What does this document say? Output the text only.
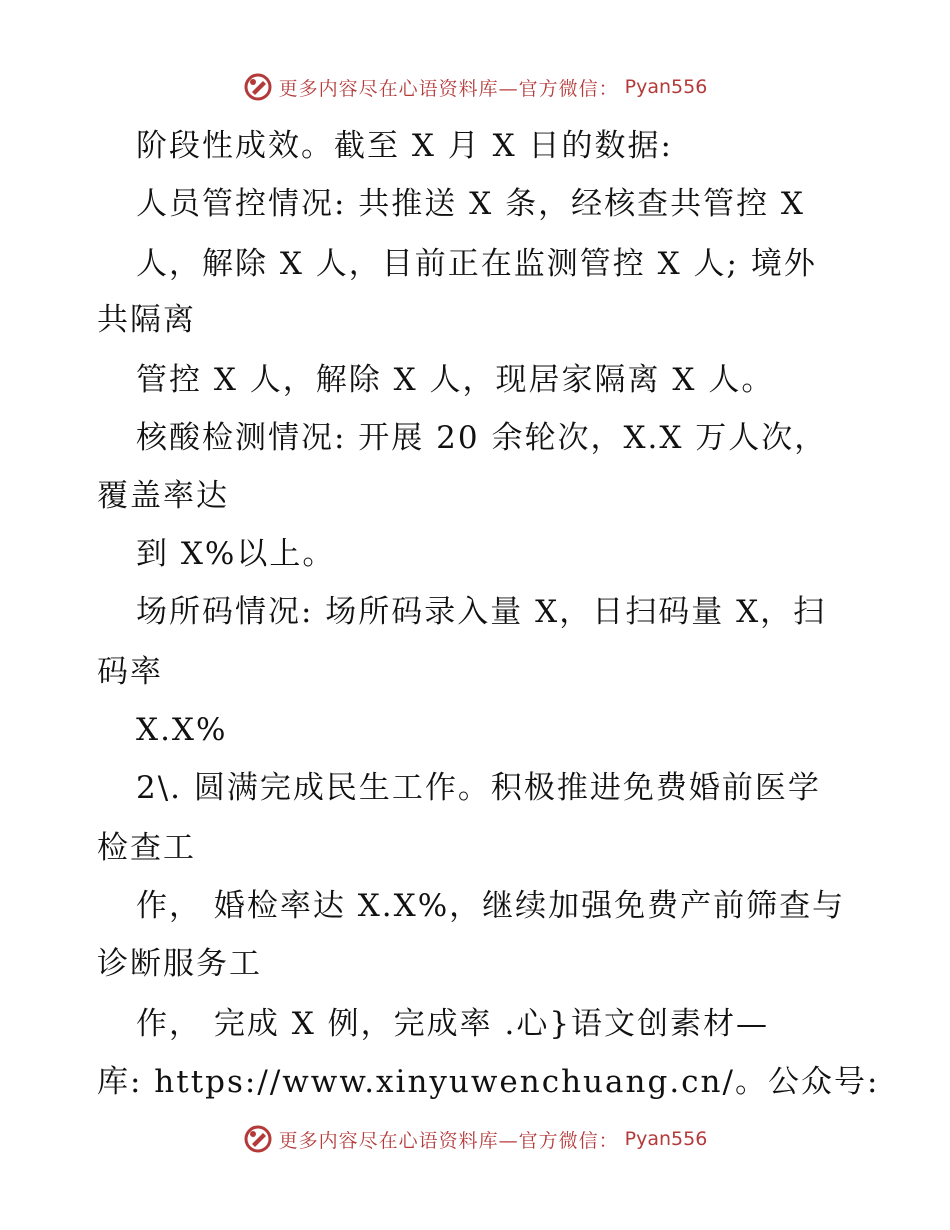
更多内容尽在心语资料库—官方微信： Pyan556
阶段性成效。截至 X 月 X 日的数据:
人员管控情况: 共推送 X 条，经核查共管控 X
人，解除 X 人，目前正在监测管控 X 人; 境外
共隔离
管控 X 人，解除 X 人，现居家隔离 X 人。
核酸检测情况: 开展 20 余轮次，X.X 万人次，
覆盖率达
到 X%以上。
场所码情况: 场所码录入量 X，日扫码量 X，扫
码率
X.X%
2\. 圆满完成民生工作。积极推进免费婚前医学
检查工
作， 婚检率达 X.X%，继续加强免费产前筛查与
诊断服务工
作， 完成 X 例，完成率 .心}语文创素材—
库: https://www.xinyuwenchuang.cn/。公众号:
更多内容尽在心语资料库—官方微信： Pyan556
